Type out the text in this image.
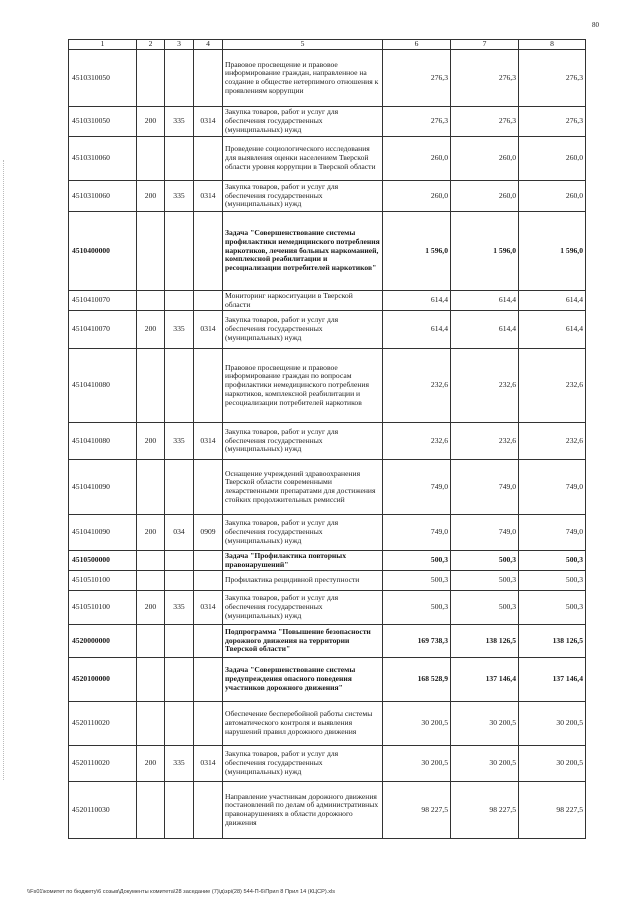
80
1	2	3	4	5	6	7	8
4510310050				Правовое просвещение и правовое информирование граждан, направленное на создание в обществе нетерпимого отношения к проявлениям коррупции	276,3	276,3	276,3
4510310050	200	335	0314	Закупка товаров, работ и услуг для обеспечения государственных (муниципальных) нужд	276,3	276,3	276,3
4510310060				Проведение социологического исследования для выявления оценки населением Тверской области уровня коррупции в Тверской области	260,0	260,0	260,0
4510310060	200	335	0314	Закупка товаров, работ и услуг для обеспечения государственных (муниципальных) нужд	260,0	260,0	260,0
4510400000				Задача "Совершенствование системы профилактики немедицинского потребления наркотиков, лечения больных наркоманией, комплексной реабилитации и ресоциализации потребителей наркотиков"	1 596,0	1 596,0	1 596,0
4510410070				Мониторинг наркоситуации в Тверской области	614,4	614,4	614,4
4510410070	200	335	0314	Закупка товаров, работ и услуг для обеспечения государственных (муниципальных) нужд	614,4	614,4	614,4
4510410080				Правовое просвещение и правовое информирование граждан по вопросам профилактики немедицинского потребления наркотиков, комплексной реабилитации и ресоциализации потребителей наркотиков	232,6	232,6	232,6
4510410080	200	335	0314	Закупка товаров, работ и услуг для обеспечения государственных (муниципальных) нужд	232,6	232,6	232,6
4510410090				Оснащение учреждений здравоохранения Тверской области современными лекарственными препаратами для достижения стойких продолжительных ремиссий	749,0	749,0	749,0
4510410090	200	034	0909	Закупка товаров, работ и услуг для обеспечения государственных (муниципальных) нужд	749,0	749,0	749,0
4510500000				Задача "Профилактика повторных правонарушений"	500,3	500,3	500,3
4510510100				Профилактика рецидивной преступности	500,3	500,3	500,3
4510510100	200	335	0314	Закупка товаров, работ и услуг для обеспечения государственных (муниципальных) нужд	500,3	500,3	500,3
4520000000				Подпрограмма "Повышение безопасности дорожного движения на территории Тверской области"	169 738,3	138 126,5	138 126,5
4520100000				Задача "Совершенствование системы предупреждения опасного поведения участников дорожного движения"	168 528,9	137 146,4	137 146,4
4520110020				Обеспечение бесперебойной работы системы автоматического контроля и выявления нарушений правил дорожного движения	30 200,5	30 200,5	30 200,5
4520110020	200	335	0314	Закупка товаров, работ и услуг для обеспечения государственных (муниципальных) нужд	30 200,5	30 200,5	30 200,5
4520110030				Направление участникам дорожного движения постановлений по делам об административных правонарушениях в области дорожного движения	98 227,5	98 227,5	98 227,5
\\Fs01\комитет по бюджету\6 созыв\Документы комитета\28 заседание (7)\д\зрі(28) 544-П-6\Прил 8 Прил 14 (КЦСР).xls
